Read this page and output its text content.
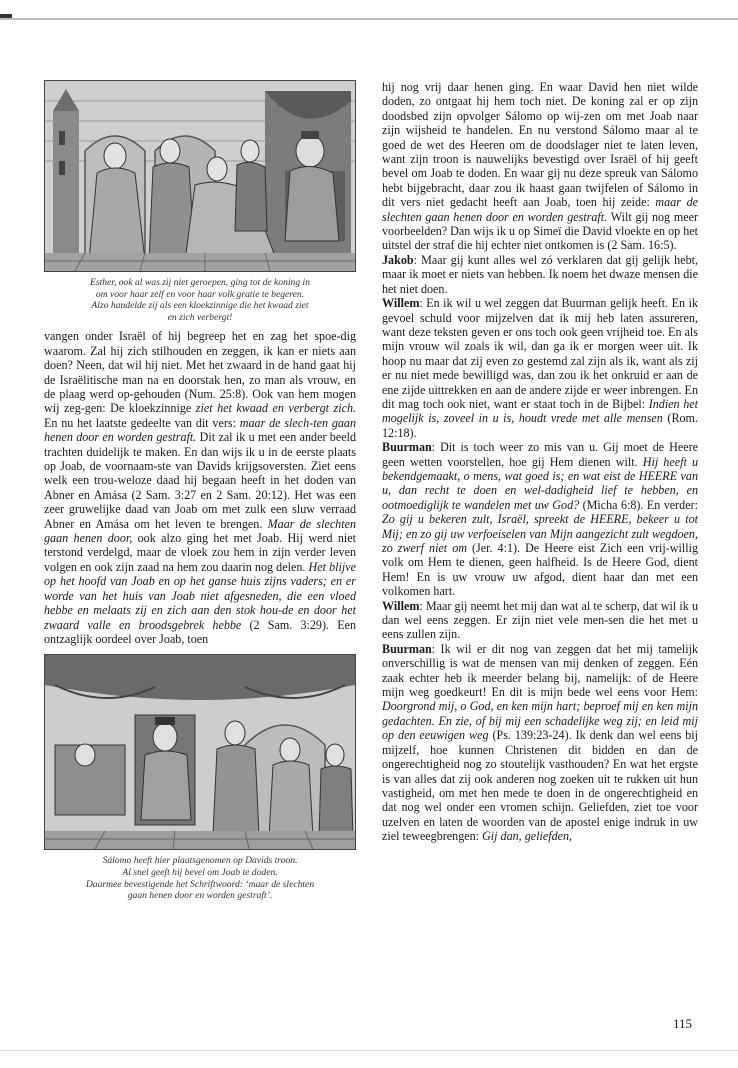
Esther, ook al was zij niet geroepen, ging tot de koning in
om voor haar zelf en voor haar volk gratie te begeren.
Alzo handelde zij als een kloekzinnige die het kwaad ziet
en zich verbergt!

vangen onder Israël of hij begreep het en zag het spoe-dig waarom. Zal hij zich stilhouden en zeggen, ik kan er niets aan doen? Neen, dat wil hij niet. Met het zwaard in de hand gaat hij de Israëlitische man na en doorstak hen, zo man als vrouw, en de plaag werd op-gehouden (Num. 25:8). Ook van hem mogen wij zeg-gen: De kloekzinnige ziet het kwaad en verbergt zich. En nu het laatste gedeelte van dit vers: maar de slech-ten gaan henen door en worden gestraft. Dit zal ik u met een ander beeld trachten duidelijk te maken. En dan wijs ik u in de eerste plaats op Joab, de voornaam-ste van Davids krijgsoversten. Ziet eens welk een trou-weloze daad hij begaan heeft in het doden van Abner en Amása (2 Sam. 3:27 en 2 Sam. 20:12). Het was een zeer gruwelijke daad van Joab om met zulk een sluw verraad Abner en Amása om het leven te brengen. Maar de slechten gaan henen door, ook alzo ging het met Joab. Hij werd niet terstond verdelgd, maar de vloek zou hem in zijn verder leven volgen en ook zijn zaad na hem zou daarin nog delen. Het blijve op het hoofd van Joab en op het ganse huis zijns vaders; en er worde van het huis van Joab niet afgesneden, die een vloed hebbe en melaats zij en zich aan den stok hou-de en door het zwaard valle en broodsgebrek hebbe (2 Sam. 3:29). Een ontzaglijk oordeel over Joab, toen

Sálomo heeft hier plaatsgenomen op Davids troon.
Al snel geeft hij bevel om Joab te doden.
Daarmee bevestigende het Schriftwoord: ‘maar de slechten
gaan henen door en worden gestraft’.

hij nog vrij daar henen ging. En waar David hen niet wilde doden, zo ontgaat hij hem toch niet. De koning zal er op zijn doodsbed zijn opvolger Sálomo op wij-zen om met Joab naar zijn wijsheid te handelen. En nu verstond Sálomo maar al te goed de wet des Heeren om de doodslager niet te laten leven, want zijn troon is nauwelijks bevestigd over Israël of hij geeft bevel om Joab te doden. En waar gij nu deze spreuk van Sálomo hebt bijgebracht, daar zou ik haast gaan twijfelen of Sálomo in dit vers niet gedacht heeft aan Joab, toen hij zeide: maar de slechten gaan henen door en worden gestraft. Wilt gij nog meer voorbeelden? Dan wijs ik u op Simeï die David vloekte en op het uitstel der straf die hij echter niet ontkomen is (2 Sam. 16:5).

Jakob: Maar gij kunt alles wel zó verklaren dat gij gelijk hebt, maar ik moet er niets van hebben. Ik noem het dwaze mensen die het niet doen.

Willem: En ik wil u wel zeggen dat Buurman gelijk heeft. En ik gevoel schuld voor mijzelven dat ik mij heb laten assureren, want deze teksten geven er ons toch ook geen vrijheid toe. En als mijn vrouw wil zoals ik wil, dan ga ik er morgen weer uit. Ik hoop nu maar dat zij even zo gestemd zal zijn als ik, want als zij er nu niet mede bewilligd was, dan zou ik het onkruid er aan de ene zijde uittrekken en aan de andere zijde er weer inbrengen. En dit mag toch ook niet, want er staat toch in de Bijbel: Indien het mogelijk is, zoveel in u is, houdt vrede met alle mensen (Rom. 12:18).

Buurman: Dit is toch weer zo mis van u. Gij moet de Heere geen wetten voorstellen, hoe gij Hem dienen wilt. Hij heeft u bekendgemaakt, o mens, wat goed is; en wat eist de HEERE van u, dan recht te doen en wel-dadigheid lief te hebben, en ootmoediglijk te wandelen met uw God? (Micha 6:8). En verder: Zo gij u bekeren zult, Israël, spreekt de HEERE, bekeer u tot Mij; en zo gij uw verfoeiselen van Mijn aangezicht zult wegdoen, zo zwerf niet om (Jer. 4:1). De Heere eist Zich een vrij-willig volk om Hem te dienen, geen halfheid. Is de Heere God, dient Hem! En is uw vrouw uw afgod, dient haar dan met een volkomen hart.

Willem: Maar gij neemt het mij dan wat al te scherp, dat wil ik u dan wel eens zeggen. Er zijn niet vele men-sen die het met u eens zullen zijn.

Buurman: Ik wil er dit nog van zeggen dat het mij tamelijk onverschillig is wat de mensen van mij denken of zeggen. Eén zaak echter heb ik meerder belang bij, namelijk: of de Heere mijn weg goedkeurt! En dit is mijn bede wel eens voor Hem: Doorgrond mij, o God, en ken mijn hart; beproef mij en ken mijn gedachten. En zie, of bij mij een schadelijke weg zij; en leid mij op den eeuwigen weg (Ps. 139:23-24). Ik denk dan wel eens bij mijzelf, hoe kunnen Christenen dit bidden en dan de ongerechtigheid nog zo stoutelijk vasthouden? En wat het ergste is van alles dat zij ook anderen nog zoeken uit te rukken uit hun vastigheid, om met hen mede te doen in de ongerechtigheid en dat nog wel onder een vromen schijn. Geliefden, ziet toe voor uzelven en laten de woorden van de apostel enige indruk in uw ziel teweegbrengen: Gij dan, geliefden,

115
